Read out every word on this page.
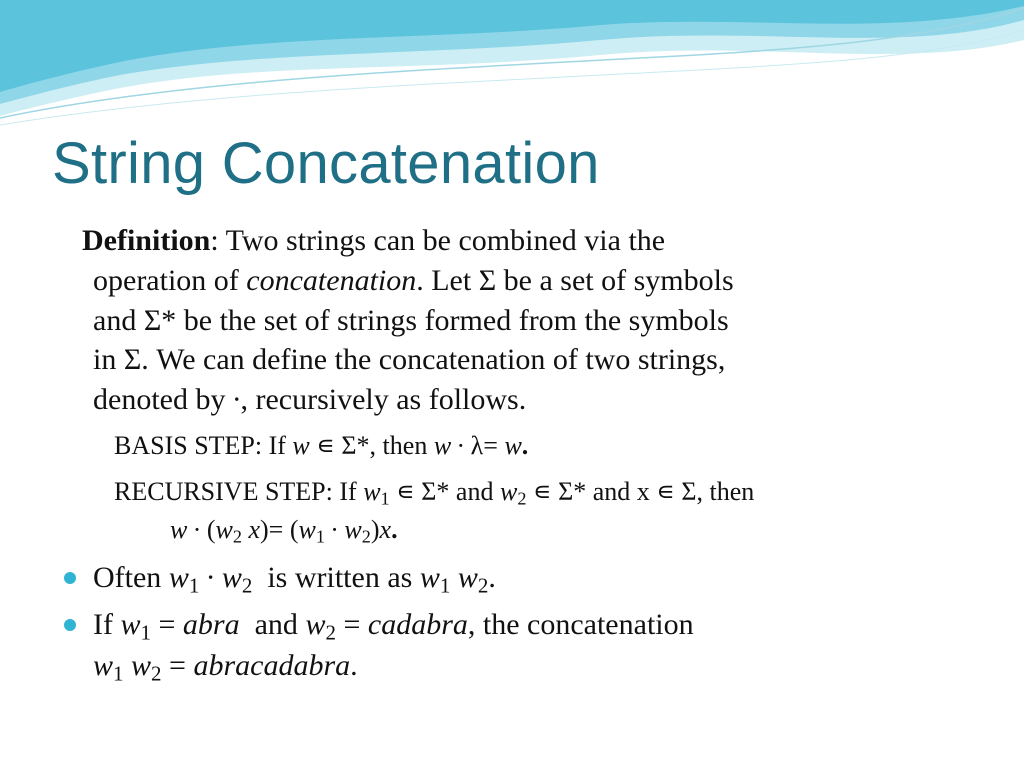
String Concatenation
Definition: Two strings can be combined via the
operation of concatenation. Let Σ be a set of symbols
and Σ* be the set of strings formed from the symbols
in Σ. We can define the concatenation of two strings,
denoted by ∙, recursively as follows.
BASIS STEP: If w ∊ Σ*, then w ∙ λ= w.
RECURSIVE STEP: If $w_1$ ∊ Σ* and $w_2$ ∊ Σ* and x ∊ Σ, then
$w \cdot (w_2$ $x)= (w_1 \cdot w_2)x$.
Often $w_1 \cdot w_2$  is written as $w_1$ $w_2$.
If $w_1$ = abra  and $w_2$ = cadabra, the concatenation
$w_1$ $w_2$ = abracadabra.
